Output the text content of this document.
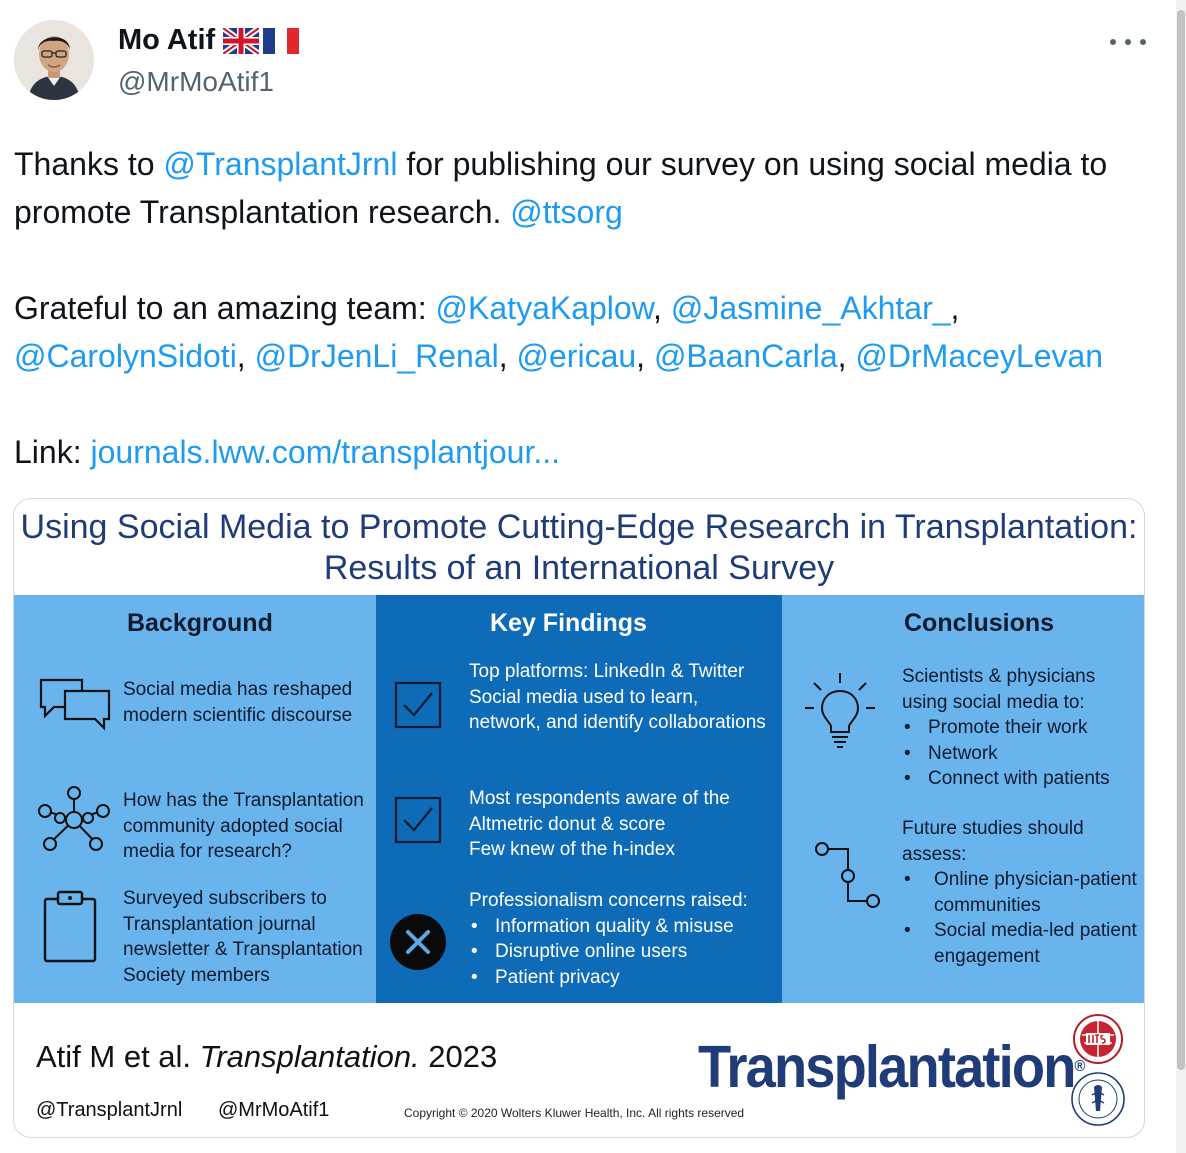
Mo Atif
@MrMoAtif1

Thanks to @TransplantJrnl for publishing our survey on using social media to promote Transplantation research. @ttsorg

Grateful to an amazing team: @KatyaKaplow, @Jasmine_Akhtar_,
@CarolynSidoti, @DrJenLi_Renal, @ericau, @BaanCarla, @DrMaceyLevan

Link: journals.lww.com/transplantjour...

Using Social Media to Promote Cutting-Edge Research in Transplantation:
Results of an International Survey
Background
Social media has reshaped modern scientific discourse
How has the Transplantation community adopted social media for research?
Surveyed subscribers to Transplantation journal newsletter & Transplantation Society members
Key Findings
Top platforms: LinkedIn & Twitter
Social media used to learn, network, and identify collaborations
Most respondents aware of the Altmetric donut & score
Few knew of the h-index
Professionalism concerns raised:
• Information quality & misuse
• Disruptive online users
• Patient privacy
Conclusions
Scientists & physicians using social media to:
• Promote their work
• Network
• Connect with patients
Future studies should assess:
• Online physician-patient communities
• Social media-led patient engagement
Atif M et al. Transplantation. 2023
@TransplantJrnl @MrMoAtif1	Copyright © 2020 Wolters Kluwer Health, Inc. All rights reserved
Transplantation®
